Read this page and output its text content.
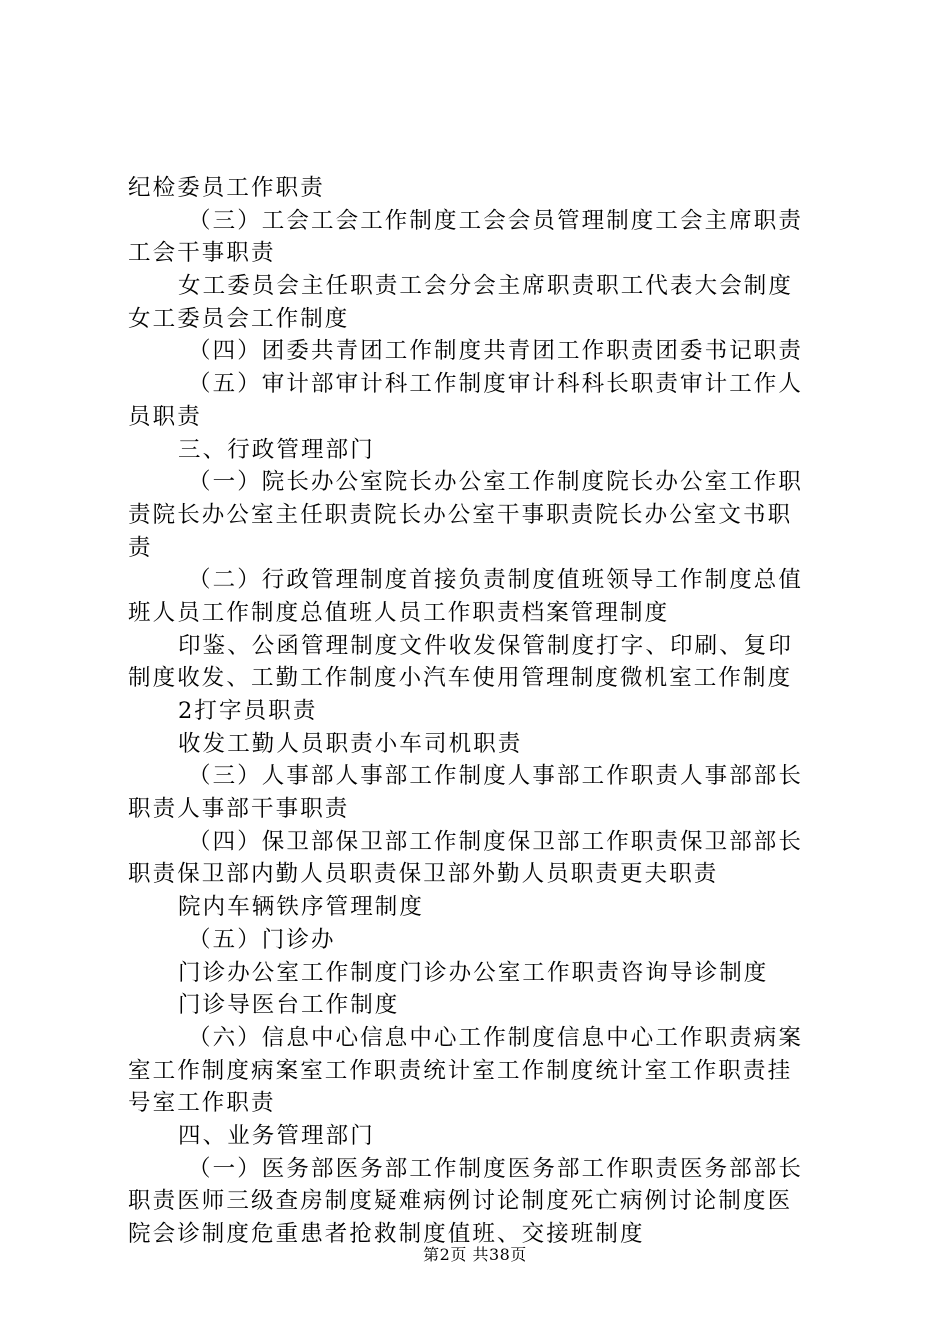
纪检委员工作职责
（三）工会工会工作制度工会会员管理制度工会主席职责
工会干事职责
女工委员会主任职责工会分会主席职责职工代表大会制度
女工委员会工作制度
（四）团委共青团工作制度共青团工作职责团委书记职责
（五）审计部审计科工作制度审计科科长职责审计工作人
员职责
三、行政管理部门
（一）院长办公室院长办公室工作制度院长办公室工作职
责院长办公室主任职责院长办公室干事职责院长办公室文书职
责
（二）行政管理制度首接负责制度值班领导工作制度总值
班人员工作制度总值班人员工作职责档案管理制度
印鉴、公函管理制度文件收发保管制度打字、印刷、复印
制度收发、工勤工作制度小汽车使用管理制度微机室工作制度
2打字员职责
收发工勤人员职责小车司机职责
（三）人事部人事部工作制度人事部工作职责人事部部长
职责人事部干事职责
（四）保卫部保卫部工作制度保卫部工作职责保卫部部长
职责保卫部内勤人员职责保卫部外勤人员职责更夫职责
院内车辆铁序管理制度
（五）门诊办
门诊办公室工作制度门诊办公室工作职责咨询导诊制度
门诊导医台工作制度
（六）信息中心信息中心工作制度信息中心工作职责病案
室工作制度病案室工作职责统计室工作制度统计室工作职责挂
号室工作职责
四、业务管理部门
（一）医务部医务部工作制度医务部工作职责医务部部长
职责医师三级查房制度疑难病例讨论制度死亡病例讨论制度医
院会诊制度危重患者抢救制度值班、交接班制度
第2页 共38页
